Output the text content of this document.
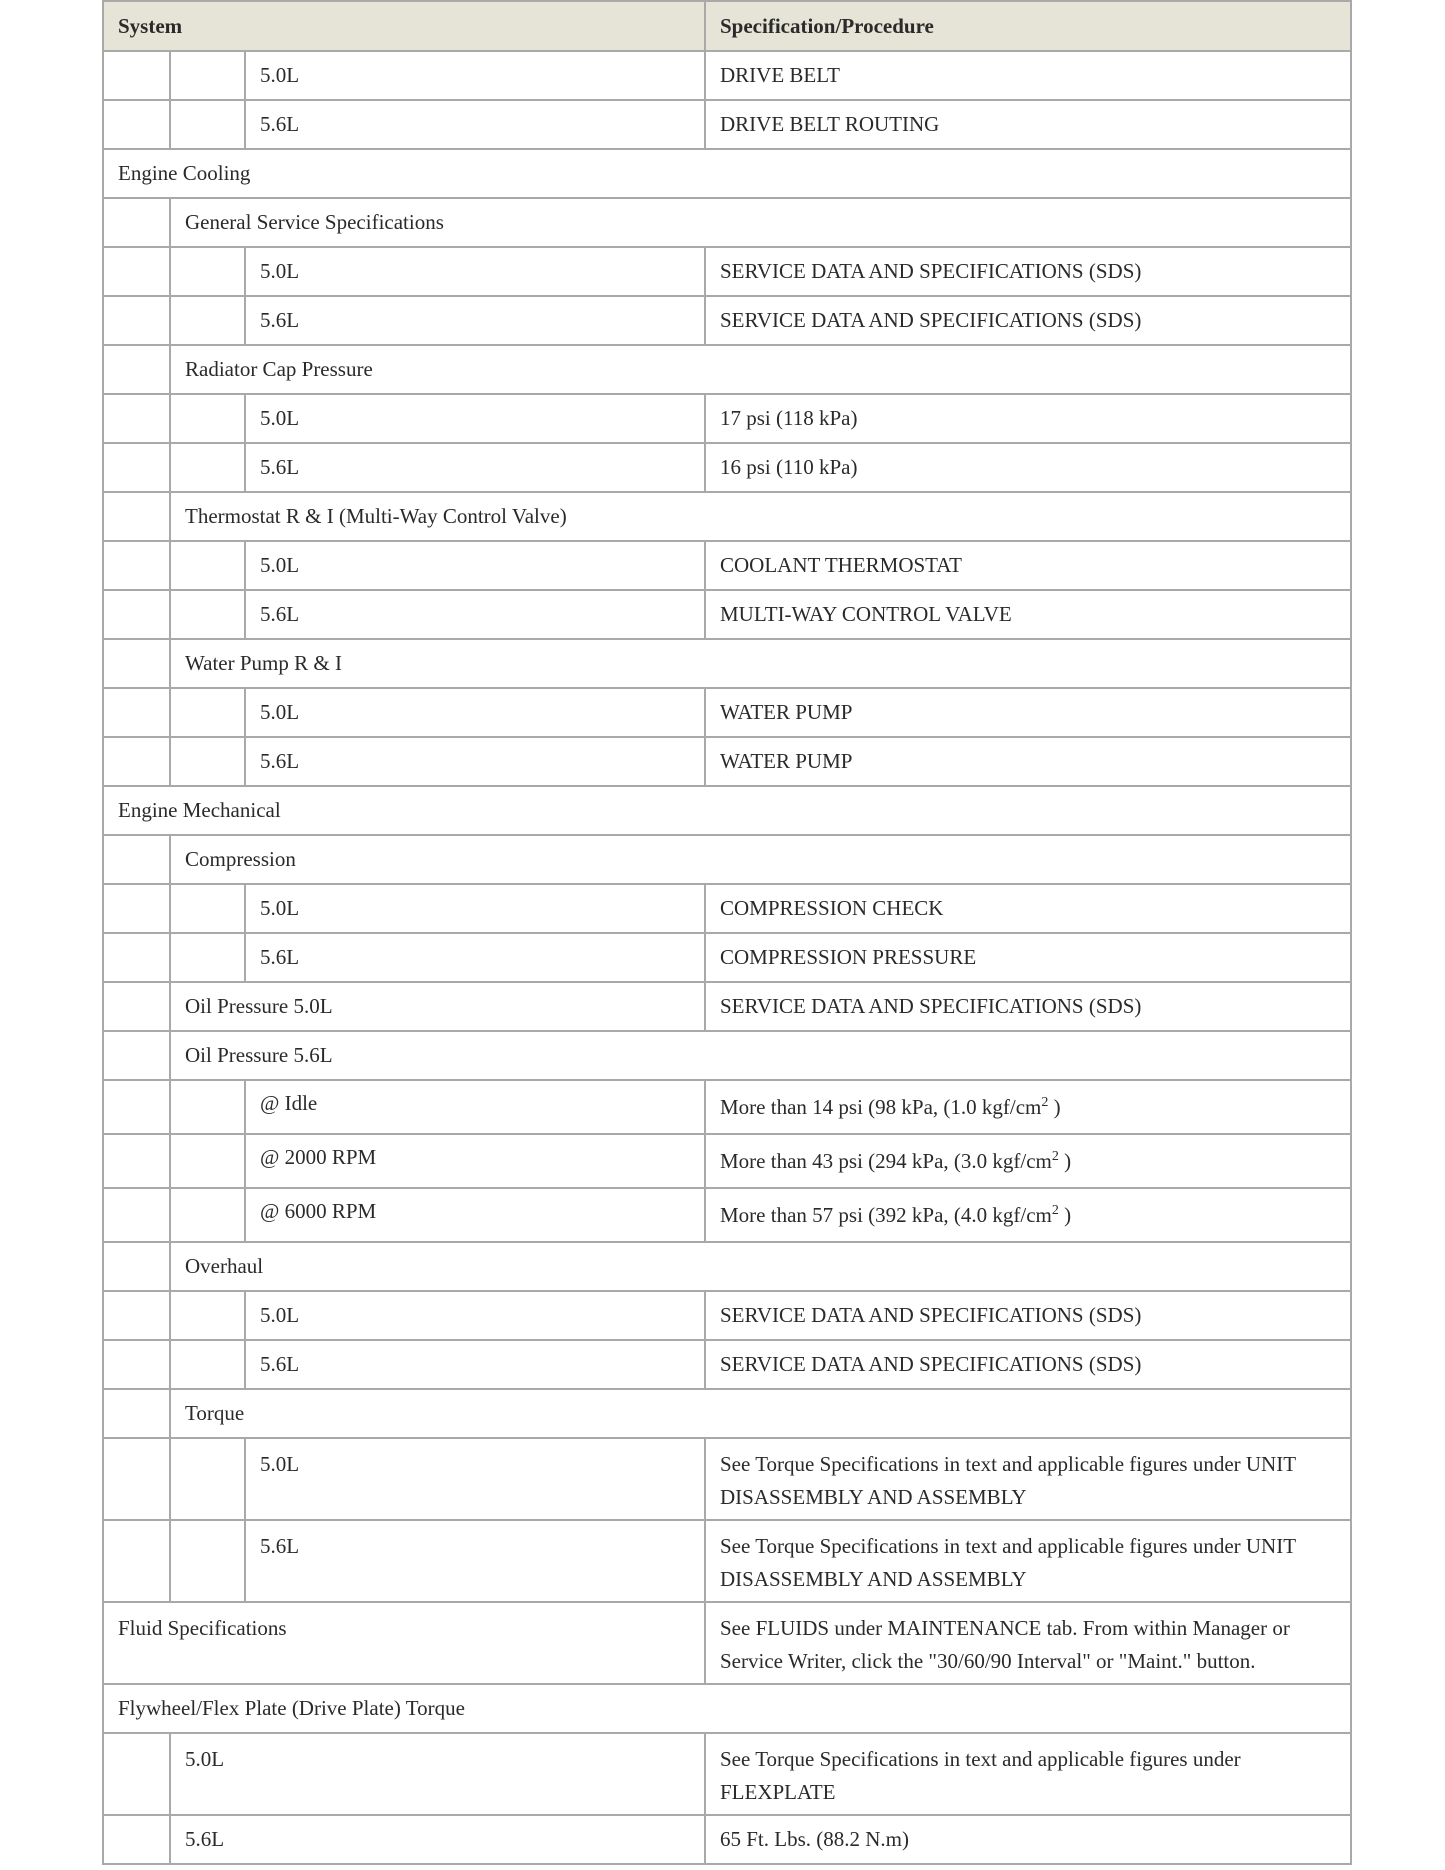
System			Specification/Procedure
		5.0L	DRIVE BELT
		5.6L	DRIVE BELT ROUTING
Engine Cooling			
	General Service Specifications		
		5.0L	SERVICE DATA AND SPECIFICATIONS (SDS)
		5.6L	SERVICE DATA AND SPECIFICATIONS (SDS)
	Radiator Cap Pressure		
		5.0L	17 psi (118 kPa)
		5.6L	16 psi (110 kPa)
	Thermostat R & I (Multi-Way Control Valve)		
		5.0L	COOLANT THERMOSTAT
		5.6L	MULTI-WAY CONTROL VALVE
	Water Pump R & I		
		5.0L	WATER PUMP
		5.6L	WATER PUMP
Engine Mechanical			
	Compression		
		5.0L	COMPRESSION CHECK
		5.6L	COMPRESSION PRESSURE
	Oil Pressure 5.0L		SERVICE DATA AND SPECIFICATIONS (SDS)
	Oil Pressure 5.6L		
		@ Idle	More than 14 psi (98 kPa, (1.0 kgf/$cm^2$ )
		@ 2000 RPM	More than 43 psi (294 kPa, (3.0 kgf/$cm^2$ )
		@ 6000 RPM	More than 57 psi (392 kPa, (4.0 kgf/$cm^2$ )
	Overhaul		
		5.0L	SERVICE DATA AND SPECIFICATIONS (SDS)
		5.6L	SERVICE DATA AND SPECIFICATIONS (SDS)
	Torque		
		5.0L	See Torque Specifications in text and applicable figures under UNIT DISASSEMBLY AND ASSEMBLY
		5.6L	See Torque Specifications in text and applicable figures under UNIT DISASSEMBLY AND ASSEMBLY
Fluid Specifications			See FLUIDS under MAINTENANCE tab. From within Manager or Service Writer, click the "30/60/90 Interval" or "Maint." button.
Flywheel/Flex Plate (Drive Plate) Torque			
	5.0L		See Torque Specifications in text and applicable figures under FLEXPLATE
	5.6L		65 Ft. Lbs. (88.2 N.m)
